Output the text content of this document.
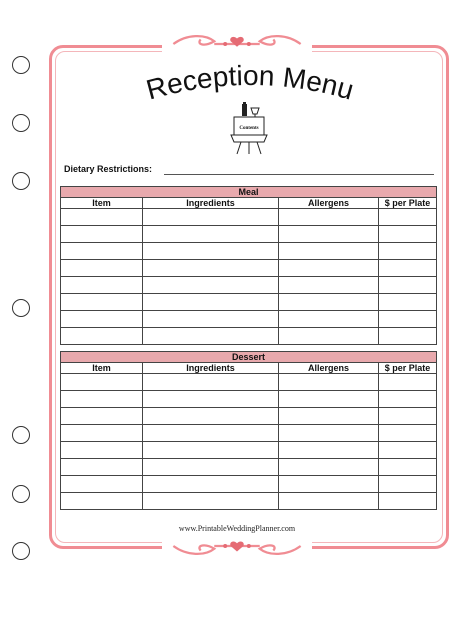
Reception Menu
Contents
Dietary Restrictions:
Meal			
Item	Ingredients	Allergens	$ per Plate

Dessert			
Item	Ingredients	Allergens	$ per Plate

www.PrintableWeddingPlanner.com
